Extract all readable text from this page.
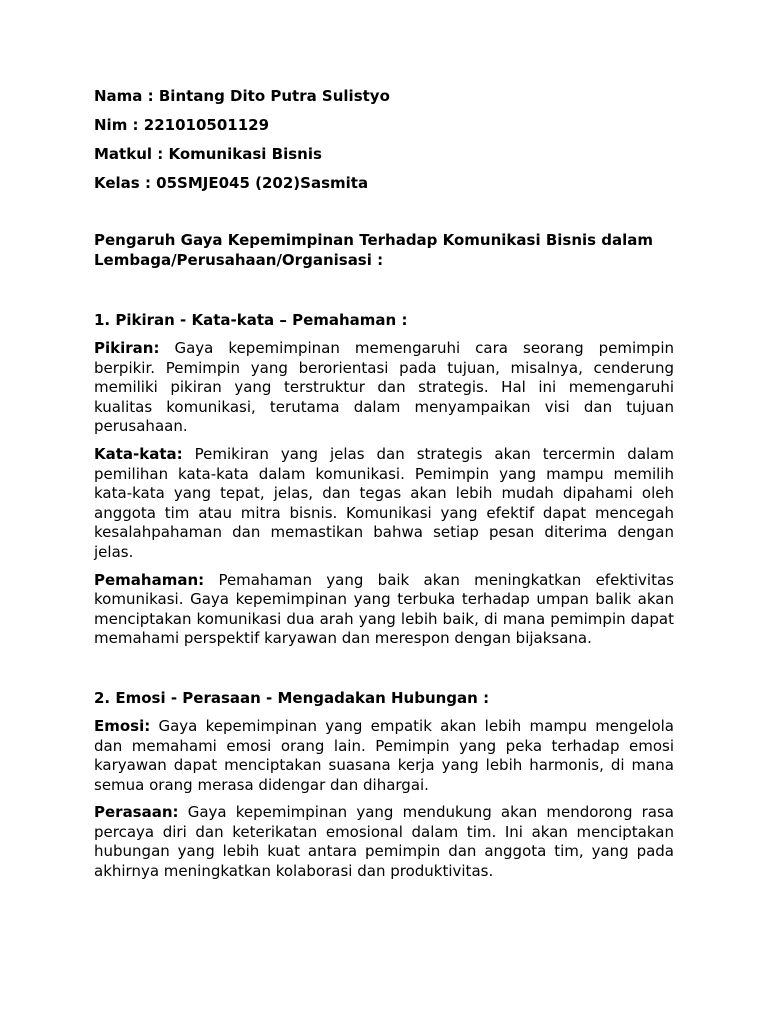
Nama : Bintang Dito Putra Sulistyo

Nim : 221010501129

Matkul : Komunikasi Bisnis

Kelas : 05SMJE045 (202)Sasmita

Pengaruh Gaya Kepemimpinan Terhadap Komunikasi Bisnis dalam Lembaga/Perusahaan/Organisasi :

1. Pikiran - Kata-kata – Pemahaman :

Pikiran: Gaya kepemimpinan memengaruhi cara seorang pemimpin berpikir. Pemimpin yang berorientasi pada tujuan, misalnya, cenderung memiliki pikiran yang terstruktur dan strategis. Hal ini memengaruhi kualitas komunikasi, terutama dalam menyampaikan visi dan tujuan perusahaan.

Kata-kata: Pemikiran yang jelas dan strategis akan tercermin dalam pemilihan kata-kata dalam komunikasi. Pemimpin yang mampu memilih kata-kata yang tepat, jelas, dan tegas akan lebih mudah dipahami oleh anggota tim atau mitra bisnis. Komunikasi yang efektif dapat mencegah kesalahpahaman dan memastikan bahwa setiap pesan diterima dengan jelas.

Pemahaman: Pemahaman yang baik akan meningkatkan efektivitas komunikasi. Gaya kepemimpinan yang terbuka terhadap umpan balik akan menciptakan komunikasi dua arah yang lebih baik, di mana pemimpin dapat memahami perspektif karyawan dan merespon dengan bijaksana.

2. Emosi - Perasaan - Mengadakan Hubungan :

Emosi: Gaya kepemimpinan yang empatik akan lebih mampu mengelola dan memahami emosi orang lain. Pemimpin yang peka terhadap emosi karyawan dapat menciptakan suasana kerja yang lebih harmonis, di mana semua orang merasa didengar dan dihargai.

Perasaan: Gaya kepemimpinan yang mendukung akan mendorong rasa percaya diri dan keterikatan emosional dalam tim. Ini akan menciptakan hubungan yang lebih kuat antara pemimpin dan anggota tim, yang pada akhirnya meningkatkan kolaborasi dan produktivitas.
